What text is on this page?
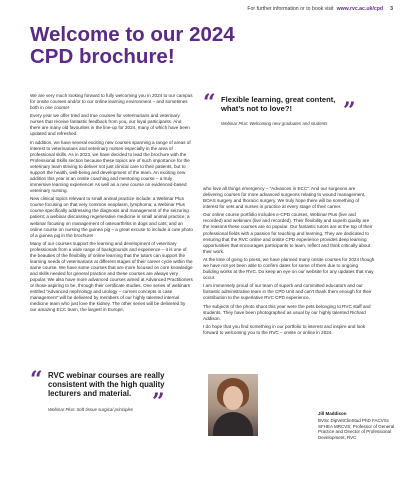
For further information or to book visit www.rvc.ac.uk/cpd 3
Welcome to our 2024
CPD brochure!

We are very much looking forward to fully welcoming you in 2024 to our campus for onsite courses and/or to our online learning environment – and sometimes both in one course!

Every year we offer tried and true courses for veterinarians and veterinary nurses that receive fantastic feedback from you, our loyal participants. And there are many old favourites in the line-up for 2024, many of which have been updated and refreshed.

In addition, we have several exciting new courses spanning a range of areas of interest to veterinarians and veterinary nurses especially in the area of professional skills. As in 2023, we have decided to lead the brochure with the Professional Skills section because these topics are of such importance for the veterinary team striving to deliver not just clinical care to their patients, but to support the health, well-being and development of the team. An exciting new addition this year is an onsite coaching and mentoring course – a truly immersive learning experience! As well as a new course on evidenced-based veterinary nursing.

New clinical topics relevant to small animal practice include: a Webinar Plus course focusing on that very common neoplasm, lymphoma; a Webinar Plus course specifically addressing the diagnosis and management of the seizuring patient; a webinar discussing regenerative medicine in small animal practice; a webinar focusing on management of osteoarthritis in dogs and cats; and an online course on nursing the guinea pig – a great excuse to include a cute photo of a guinea pig in the brochure!

Many of our courses support the learning and development of veterinary professionals from a wide range of backgrounds and experience – it is one of the beauties of the flexibility of online learning that the tutors can support the learning needs of veterinarians at different stages of their career cycle within the same course. We have some courses that are more focused on core knowledge and skills needed for general practice and these courses are always very popular. We also have more advanced courses aimed at Advanced Practitioners or those aspiring to be, through their certificate studies. One series of webinars entitled “Advanced nephrology and urology – current concepts in case management” will be delivered by members of our highly talented internal medicine team who just love the kidney. The other series will be delivered by our amazing ECC team, the largest in Europe,

“ Flexible learning, great content, what’s not to love?!	”
Webinar Plus: Welcoming new graduates and students

who love all things emergency – “Advances in ECC”. And our surgeons are delivering courses for more advanced surgeons relating to wound management, BOAS surgery and thoracic surgery. We truly hope there will be something of interest for vets and nurses in practice at every stage of their career.

Our online course portfolio includes e-CPD courses, Webinar Plus (live and recorded) and webinars (live and recorded). Their flexibility and superb quality are the reasons these courses are so popular. Our fantastic tutors are at the top of their professional fields with a passion for teaching and learning. They are dedicated to ensuring that the RVC online and onsite CPD experience provides deep learning opportunities that encourages participants to learn, reflect and think critically about their work.

At the time of going to press, we have planned many onsite courses for 2024 though we have not yet been able to confirm dates for some of them due to ongoing building works at the RVC. Do keep an eye on our website for any updates that may occur.

I am immensely proud of our team of superb and committed educators and our fantastic administrative team in the CPD Unit and can’t thank them enough for their contribution to the superlative RVC CPD experience.

The subjects of the photo shoot this year were the pets belonging to RVC staff and students. They have been photographed as usual by our highly talented Richard Addison.

I do hope that you find something in our portfolio to interest and inspire and look forward to welcoming you to the RVC – onsite or online in 2024.

“ RVC webinar courses are really consistent with the high quality lecturers and material. ”
Webinar Plus: Soft tissue surgical principles
Jill Maddison
BVSc DipVetClinStud PhD FACVSc SFHEA MRCVS; Professor of General Practice and Director of Professional Development, RVC
